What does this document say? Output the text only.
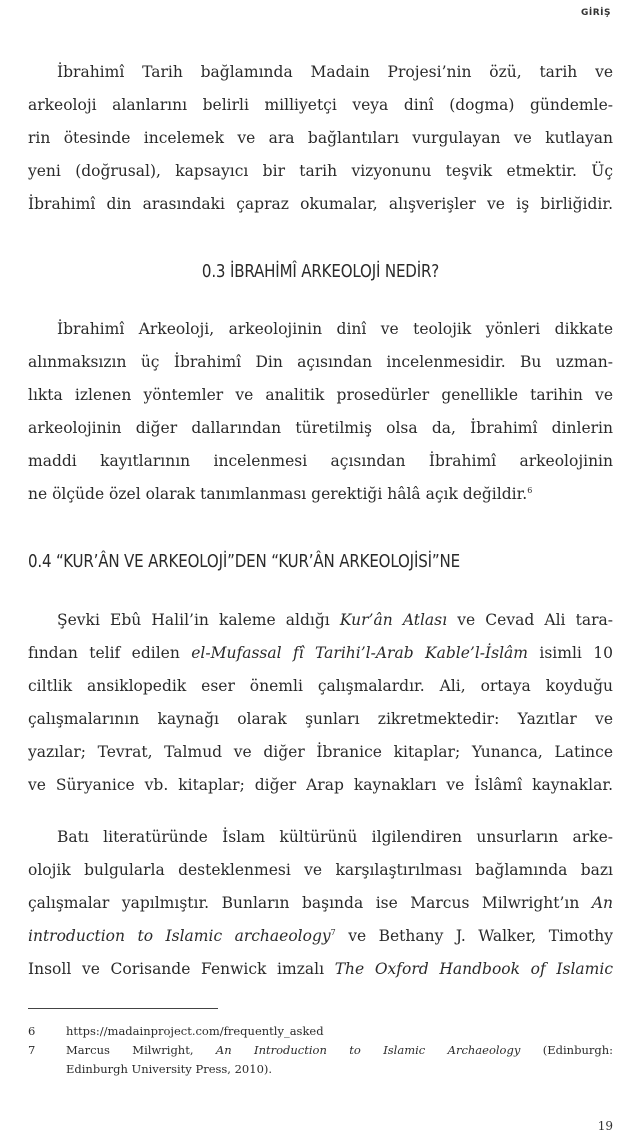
GİRİŞ
İbrahimî Tarih bağlamında Madain Projesi’nin özü, tarih ve
arkeoloji alanlarını belirli milliyetçi veya dinî (dogma) gündemle-
rin ötesinde incelemek ve ara bağlantıları vurgulayan ve kutlayan
yeni (doğrusal), kapsayıcı bir tarih vizyonunu teşvik etmektir. Üç
İbrahimî din arasındaki çapraz okumalar, alışverişler ve iş birliğidir.
0.3 İBRAHİMÎ ARKEOLOJİ NEDİR?
İbrahimî Arkeoloji, arkeolojinin dinî ve teolojik yönleri dikkate
alınmaksızın üç İbrahimî Din açısından incelenmesidir. Bu uzman-
lıkta izlenen yöntemler ve analitik prosedürler genellikle tarihin ve
arkeolojinin diğer dallarından türetilmiş olsa da, İbrahimî dinlerin
maddi kayıtlarının incelenmesi açısından İbrahimî arkeolojinin
ne ölçüde özel olarak tanımlanması gerektiği hâlâ açık değildir.$^6$
0.4 “KUR’ÂN VE ARKEOLOJİ”DEN “KUR’ÂN ARKEOLOJİSİ”NE
Şevki Ebû Halil’in kaleme aldığı Kur’ân Atlası ve Cevad Ali tara-
fından telif edilen el-Mufassal fî Tarihi’l-Arab Kable’l-İslâm isimli 10
ciltlik ansiklopedik eser önemli çalışmalardır. Ali, ortaya koyduğu
çalışmalarının kaynağı olarak şunları zikretmektedir: Yazıtlar ve
yazılar; Tevrat, Talmud ve diğer İbranice kitaplar; Yunanca, Latince
ve Süryanice vb. kitaplar; diğer Arap kaynakları ve İslâmî kaynaklar.
Batı literatüründe İslam kültürünü ilgilendiren unsurların arke-
olojik bulgularla desteklenmesi ve karşılaştırılması bağlamında bazı
çalışmalar yapılmıştır. Bunların başında ise Marcus Milwright’ın An
introduction to Islamic archaeology$^7$ ve Bethany J. Walker, Timothy
Insoll ve Corisande Fenwick imzalı The Oxford Handbook of Islamic
6	https://madainproject.com/frequently_asked
7	Marcus Milwright, An Introduction to Islamic Archaeology (Edinburgh:
Edinburgh University Press, 2010).
19
